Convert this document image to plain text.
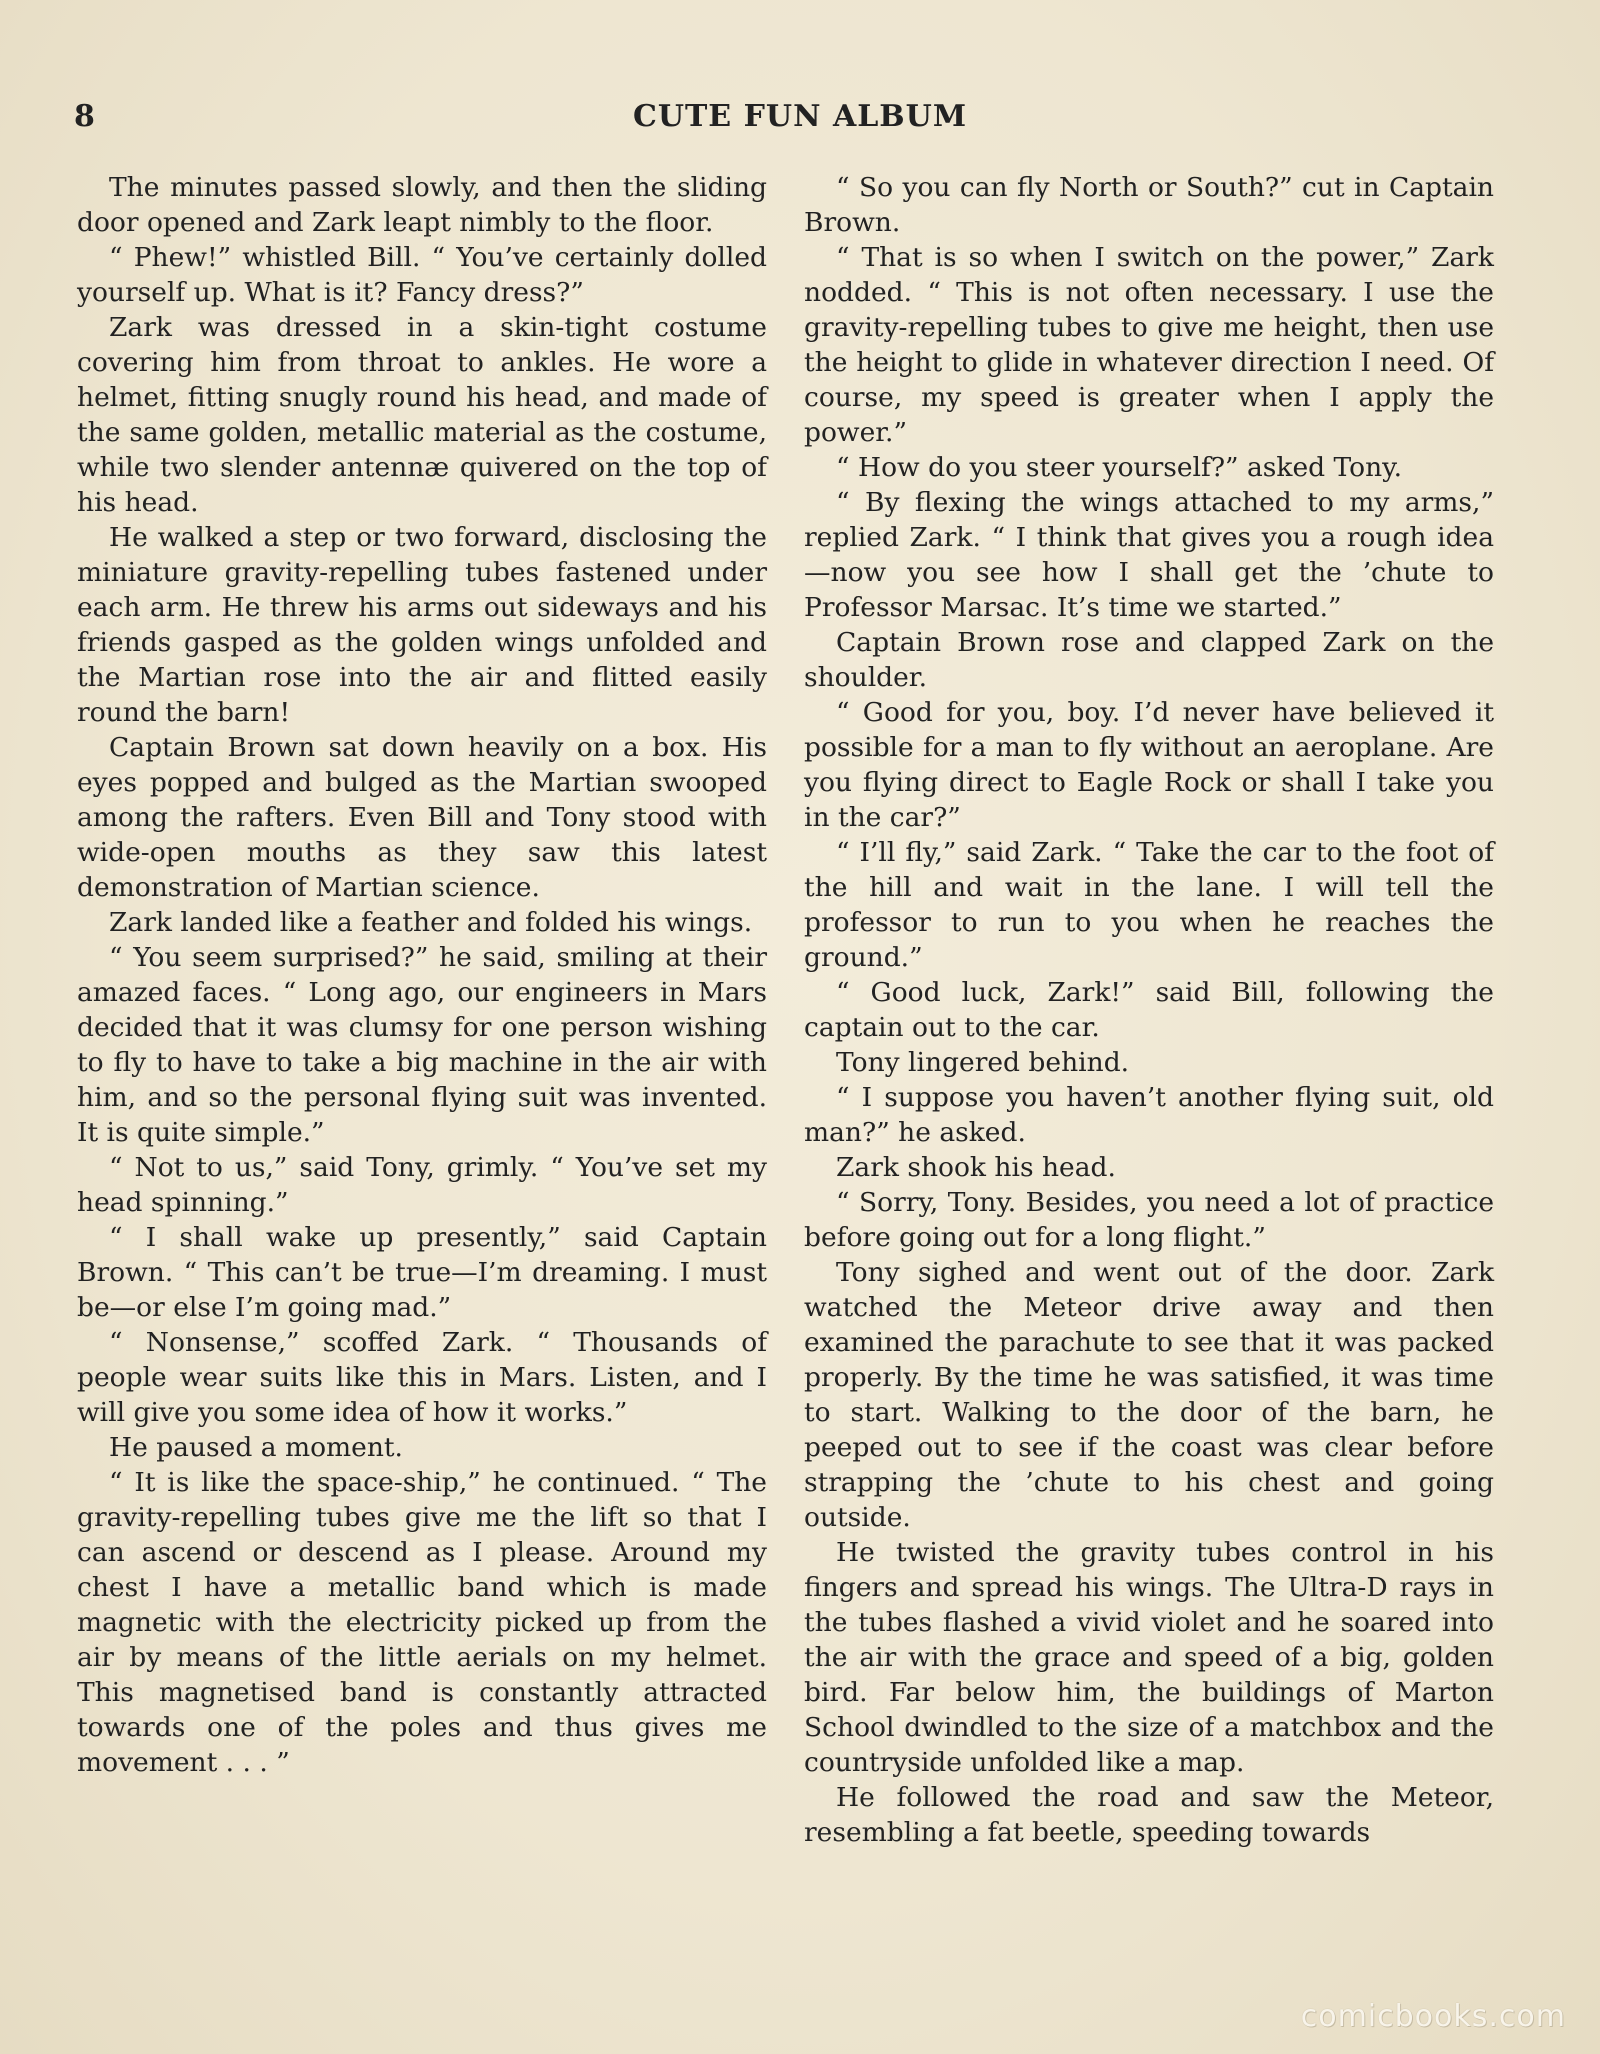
8	CUTE FUN ALBUM

The minutes passed slowly, and then the sliding door opened and Zark leapt nimbly to the floor.

“ Phew!” whistled Bill. “ You’ve certainly dolled yourself up. What is it? Fancy dress?”

Zark was dressed in a skin-tight costume covering him from throat to ankles. He wore a helmet, fitting snugly round his head, and made of the same golden, metallic material as the costume, while two slender antennæ quivered on the top of his head.

He walked a step or two forward, disclosing the miniature gravity-repelling tubes fastened under each arm. He threw his arms out sideways and his friends gasped as the golden wings unfolded and the Martian rose into the air and flitted easily round the barn!

Captain Brown sat down heavily on a box. His eyes popped and bulged as the Martian swooped among the rafters. Even Bill and Tony stood with wide-open mouths as they saw this latest demonstration of Martian science.

Zark landed like a feather and folded his wings.

“ You seem surprised?” he said, smiling at their amazed faces. “ Long ago, our engineers in Mars decided that it was clumsy for one person wishing to fly to have to take a big machine in the air with him, and so the personal flying suit was invented. It is quite simple.”

“ Not to us,” said Tony, grimly. “ You’ve set my head spinning.”

“ I shall wake up presently,” said Captain Brown. “ This can’t be true—I’m dreaming. I must be—or else I’m going mad.”

“ Nonsense,” scoffed Zark. “ Thousands of people wear suits like this in Mars. Listen, and I will give you some idea of how it works.”

He paused a moment.

“ It is like the space-ship,” he continued. “ The gravity-repelling tubes give me the lift so that I can ascend or descend as I please. Around my chest I have a metallic band which is made magnetic with the electricity picked up from the air by means of the little aerials on my helmet. This magnetised band is constantly attracted towards one of the poles and thus gives me movement . . . ”

“ So you can fly North or South?” cut in Captain Brown.

“ That is so when I switch on the power,” Zark nodded. “ This is not often necessary. I use the gravity-repelling tubes to give me height, then use the height to glide in whatever direction I need. Of course, my speed is greater when I apply the power.”

“ How do you steer yourself?” asked Tony.

“ By flexing the wings attached to my arms,” replied Zark. “ I think that gives you a rough idea—now you see how I shall get the ’chute to Professor Marsac. It’s time we started.”

Captain Brown rose and clapped Zark on the shoulder.

“ Good for you, boy. I’d never have believed it possible for a man to fly without an aeroplane. Are you flying direct to Eagle Rock or shall I take you in the car?”

“ I’ll fly,” said Zark. “ Take the car to the foot of the hill and wait in the lane. I will tell the professor to run to you when he reaches the ground.”

“ Good luck, Zark!” said Bill, following the captain out to the car.

Tony lingered behind.

“ I suppose you haven’t another flying suit, old man?” he asked.

Zark shook his head.

“ Sorry, Tony. Besides, you need a lot of practice before going out for a long flight.”

Tony sighed and went out of the door. Zark watched the Meteor drive away and then examined the parachute to see that it was packed properly. By the time he was satisfied, it was time to start. Walking to the door of the barn, he peeped out to see if the coast was clear before strapping the ’chute to his chest and going outside.

He twisted the gravity tubes control in his fingers and spread his wings. The Ultra-D rays in the tubes flashed a vivid violet and he soared into the air with the grace and speed of a big, golden bird. Far below him, the buildings of Marton School dwindled to the size of a matchbox and the countryside unfolded like a map.

He followed the road and saw the Meteor, resembling a fat beetle, speeding towards

comicbooks.com
